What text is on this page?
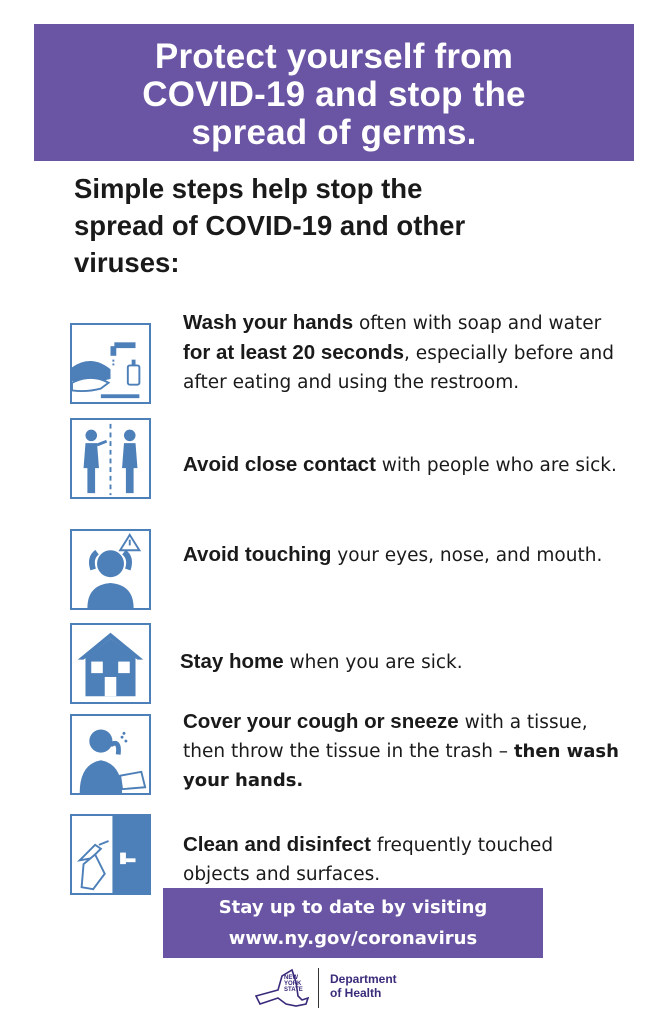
Protect yourself from
COVID-19 and stop the
spread of germs.
Simple steps help stop the
spread of COVID-19 and other
viruses:
Wash your hands often with soap and water for at least 20 seconds, especially before and after eating and using the restroom.
Avoid close contact with people who are sick.
Avoid touching your eyes, nose, and mouth.
Stay home when you are sick.
Cover your cough or sneeze with a tissue, then throw the tissue in the trash – then wash your hands.
Clean and disinfect frequently touched objects and surfaces.
Stay up to date by visiting
www.ny.gov/coronavirus
NEW
YORK
STATE
Department
of Health
